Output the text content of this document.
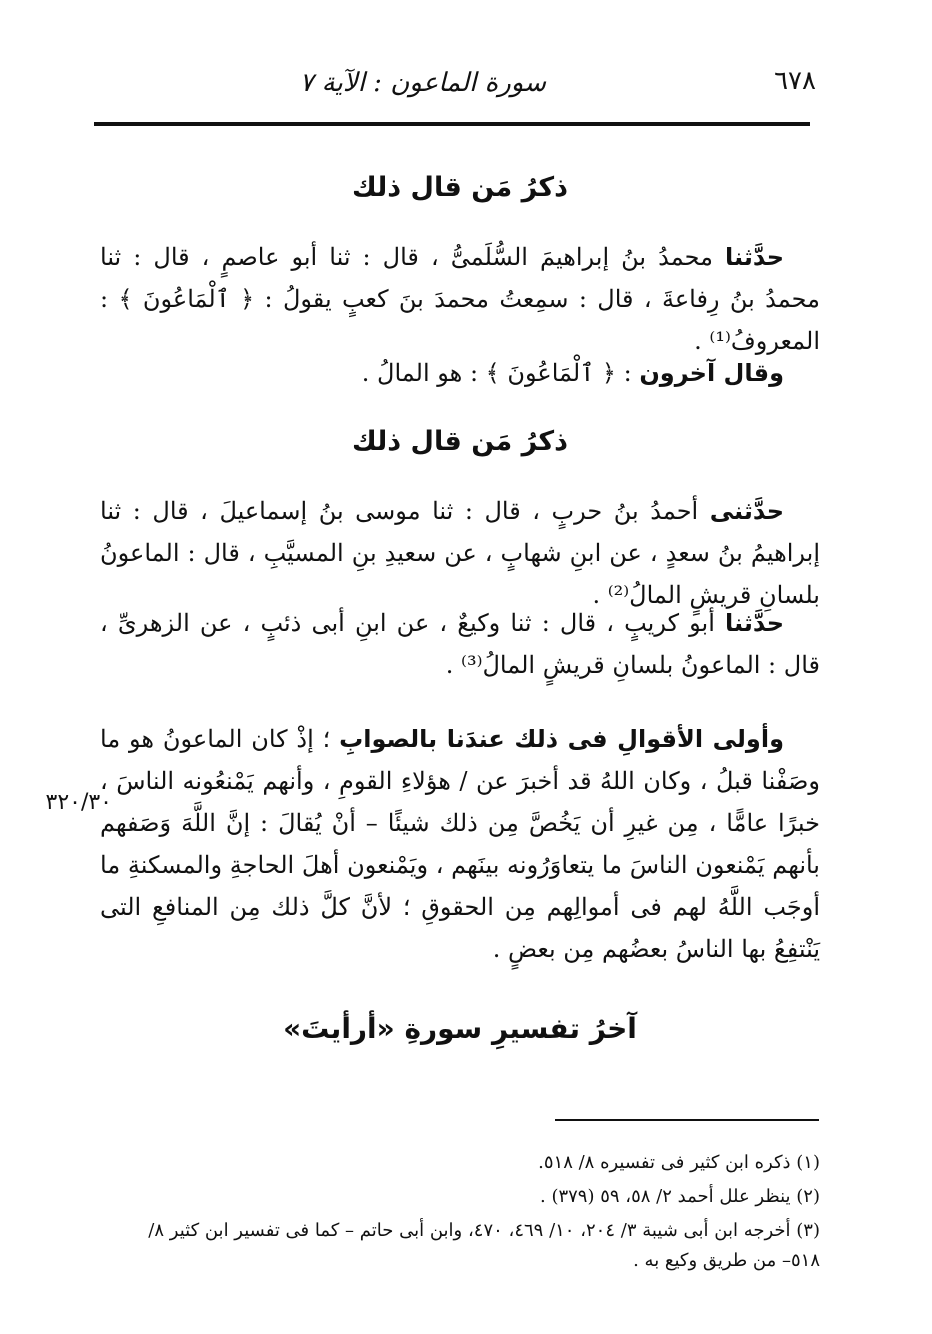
٦٧٨
سورة الماعون : الآية ٧
ذكرُ مَن قال ذلك

حدَّثنا محمدُ بنُ إبراهيمَ السُّلَمىُّ ، قال : ثنا أبو عاصمٍ ، قال : ثنا محمدُ بنُ رِفاعةَ ، قال : سمِعتُ محمدَ بنَ كعبٍ يقولُ : ﴿ ٱلْمَاعُونَ ﴾ : المعروفُ⁽¹⁾ .

وقال آخرون : ﴿ ٱلْمَاعُونَ ﴾ : هو المالُ .

ذكرُ مَن قال ذلك

حدَّثنى أحمدُ بنُ حربٍ ، قال : ثنا موسى بنُ إسماعيلَ ، قال : ثنا إبراهيمُ بنُ سعدٍ ، عن ابنِ شهابٍ ، عن سعيدِ بنِ المسيَّبِ ، قال : الماعونُ بلسانِ قريشٍ المالُ⁽²⁾ .

حدَّثنا أبو كريبٍ ، قال : ثنا وكيعٌ ، عن ابنِ أبى ذئبٍ ، عن الزهرىِّ ، قال : الماعونُ بلسانِ قريشٍ المالُ⁽³⁾ .

وأولى الأقوالِ فى ذلك عندَنا بالصوابِ ؛ إذْ كان الماعونُ هو ما وصَفْنا قبلُ ، وكان اللهُ قد أخبرَ عن / هؤلاءِ القومِ ، وأنهم يَمْنعُونه الناسَ ، خبرًا عامًّا ، مِن غيرِ أن يَخُصَّ مِن ذلك شيئًا – أنْ يُقالَ : إنَّ اللَّهَ وَصَفهم بأنهم يَمْنعون الناسَ ما يتعاوَرُونه بينَهم ، ويَمْنعون أهلَ الحاجةِ والمسكنةِ ما أوجَب اللَّهُ لهم فى أموالِهم مِن الحقوقِ ؛ لأنَّ كلَّ ذلك مِن المنافعِ التى يَنْتفِعُ بها الناسُ بعضُهم مِن بعضٍ .

٣٢٠/٣٠
آخرُ تفسيرِ سورةِ «أرأيتَ»

(١) ذكره ابن كثير فى تفسيره ٨/ ٥١٨.

(٢) ينظر علل أحمد ٢/ ٥٨، ٥٩ (٣٧٩) .

(٣) أخرجه ابن أبى شيبة ٣/ ٢٠٤، ١٠/ ٤٦٩، ٤٧٠، وابن أبى حاتم – كما فى تفسير ابن كثير ٨/ ٥١٨– من طريق وكيع به .
